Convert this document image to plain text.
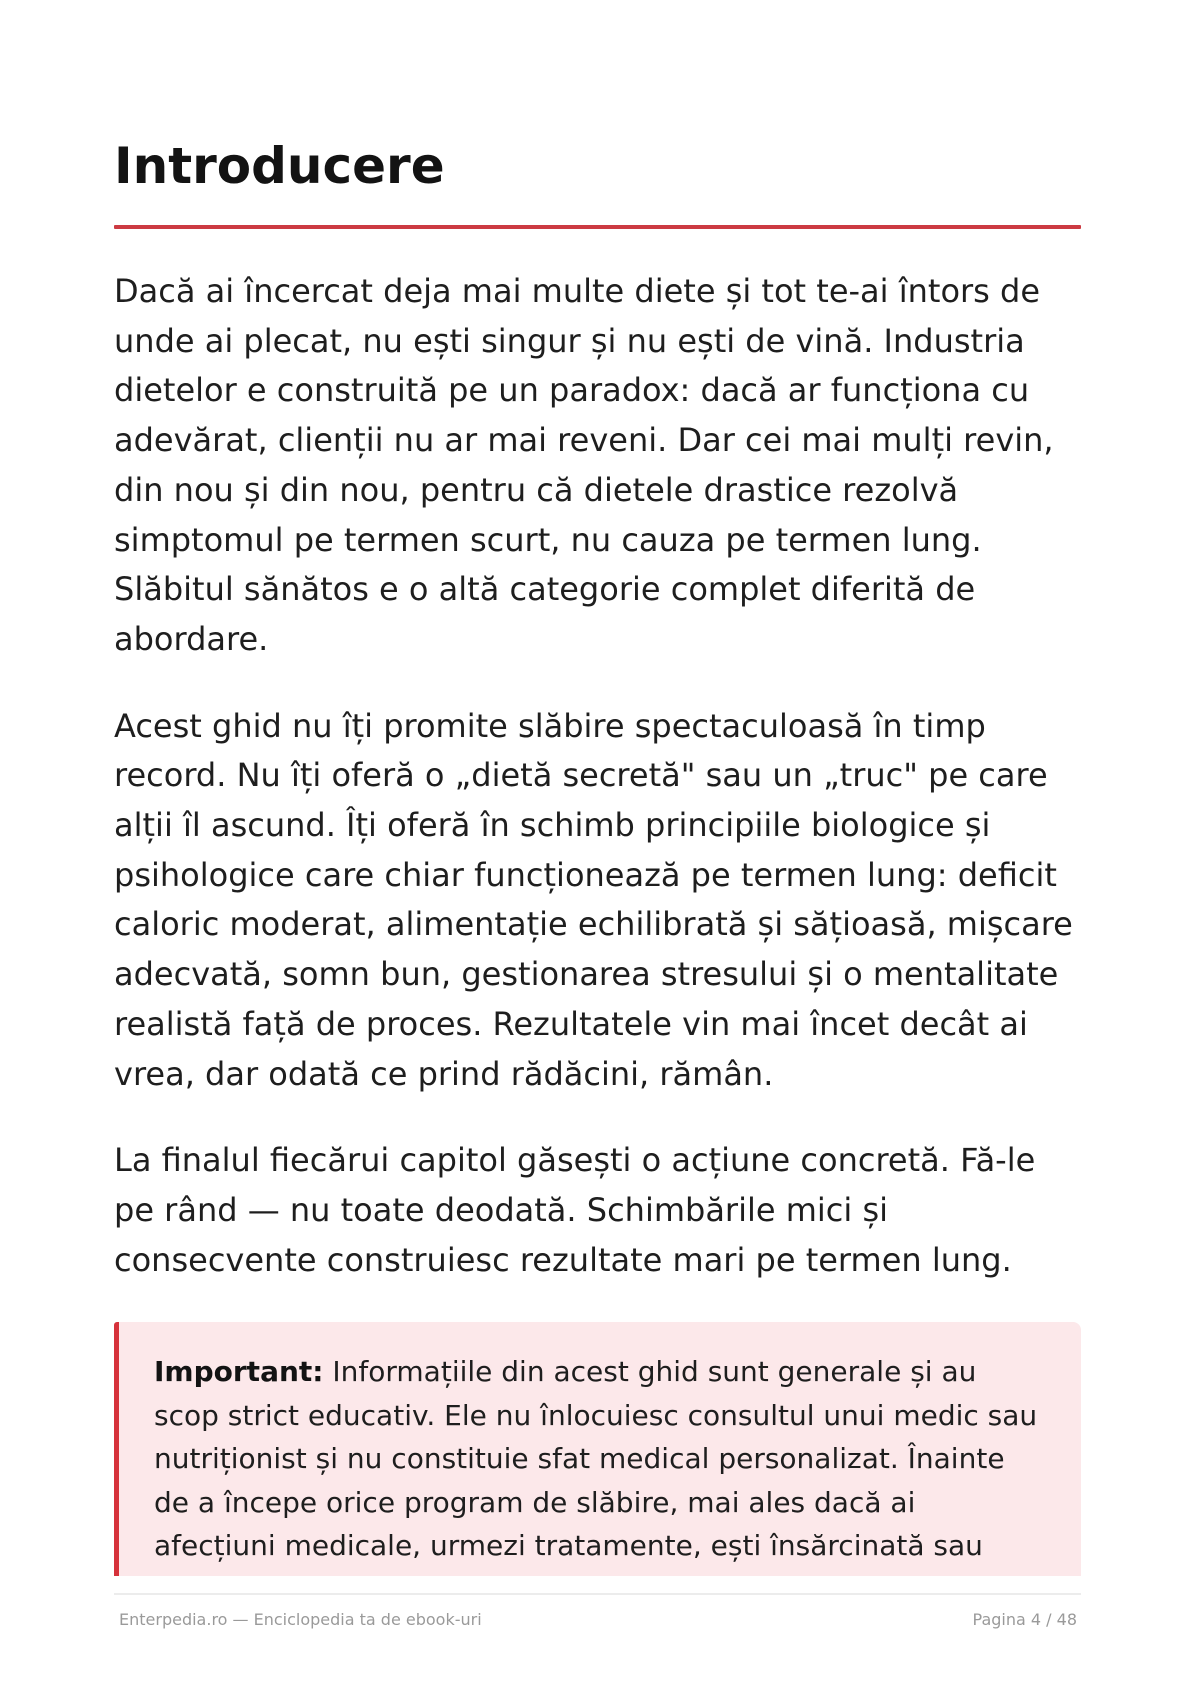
Introducere

Dacă ai încercat deja mai multe diete și tot te-ai întors de unde ai plecat, nu ești singur și nu ești de vină. Industria dietelor e construită pe un paradox: dacă ar funcționa cu adevărat, clienții nu ar mai reveni. Dar cei mai mulți revin, din nou și din nou, pentru că dietele drastice rezolvă simptomul pe termen scurt, nu cauza pe termen lung. Slăbitul sănătos e o altă categorie complet diferită de abordare.

Acest ghid nu îți promite slăbire spectaculoasă în timp record. Nu îți oferă o „dietă secretă" sau un „truc" pe care alții îl ascund. Îți oferă în schimb principiile biologice și psihologice care chiar funcționează pe termen lung: deficit caloric moderat, alimentație echilibrată și sățioasă, mișcare adecvată, somn bun, gestionarea stresului și o mentalitate realistă față de proces. Rezultatele vin mai încet decât ai vrea, dar odată ce prind rădăcini, rămân.

La finalul fiecărui capitol găsești o acțiune concretă. Fă-le pe rând — nu toate deodată. Schimbările mici și consecvente construiesc rezultate mari pe termen lung.

Important: Informațiile din acest ghid sunt generale și au scop strict educativ. Ele nu înlocuiesc consultul unui medic sau nutriționist și nu constituie sfat medical personalizat. Înainte de a începe orice program de slăbire, mai ales dacă ai afecțiuni medicale, urmezi tratamente, ești însărcinată sau

Enterpedia.ro — Enciclopedia ta de ebook-uri	Pagina 4 / 48
